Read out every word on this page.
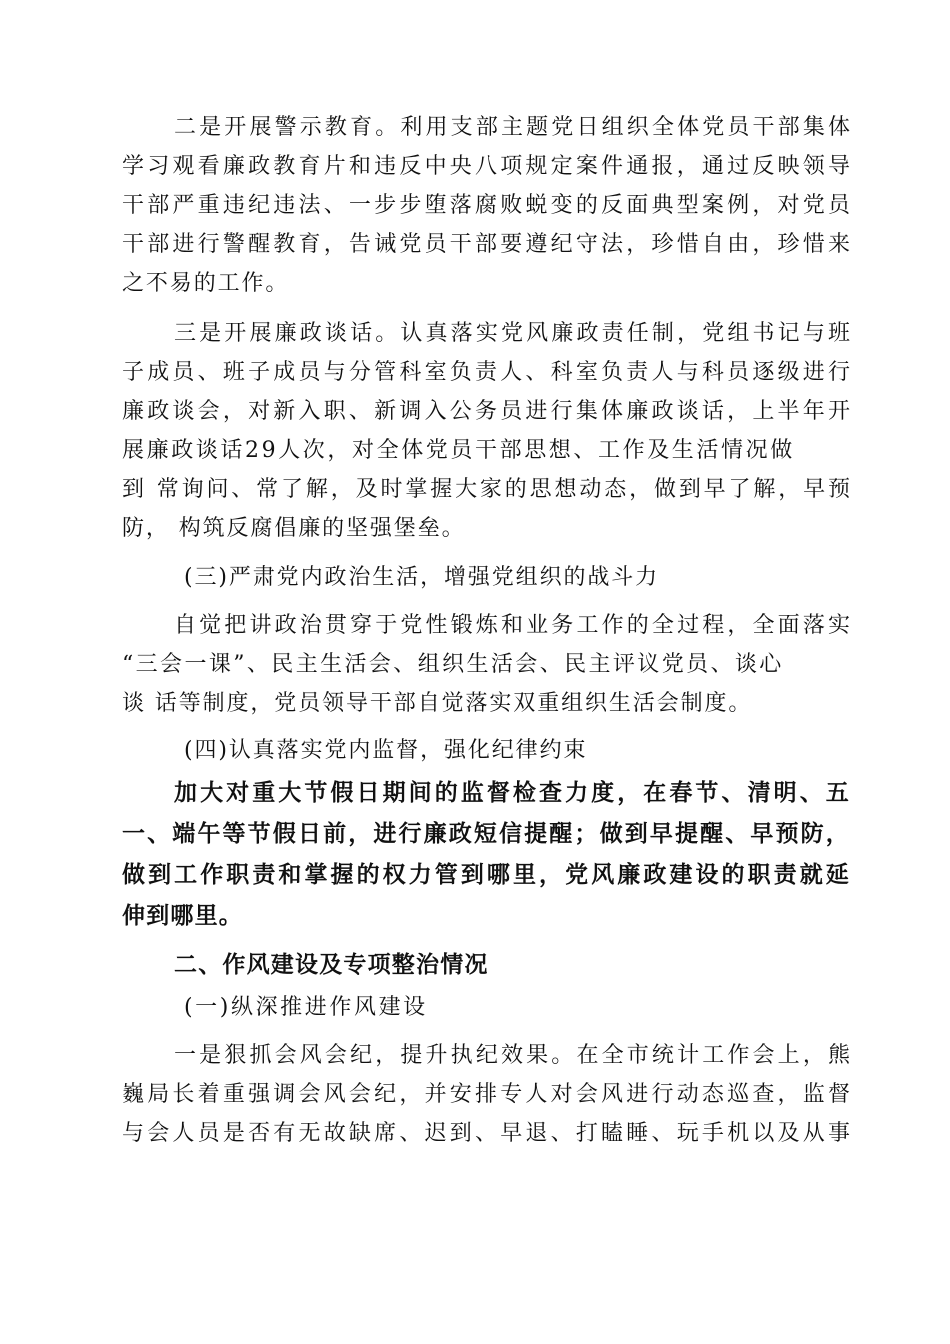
二是开展警示教育。利用支部主题党日组织全体党员干部集体
学习观看廉政教育片和违反中央八项规定案件通报，通过反映领导
干部严重违纪违法、一步步堕落腐败蜕变的反面典型案例，对党员
干部进行警醒教育，告诫党员干部要遵纪守法，珍惜自由，珍惜来
之不易的工作。
三是开展廉政谈话。认真落实党风廉政责任制，党组书记与班
子成员、班子成员与分管科室负责人、科室负责人与科员逐级进行
廉政谈会，对新入职、新调入公务员进行集体廉政谈话，上半年开
展廉政谈话29人次，对全体党员干部思想、工作及生活情况做
到 常询问、常了解，及时掌握大家的思想动态，做到早了解，早预
防， 构筑反腐倡廉的坚强堡垒。
(三)严肃党内政治生活，增强党组织的战斗力
自觉把讲政治贯穿于党性锻炼和业务工作的全过程，全面落实
“三会一课”、民主生活会、组织生活会、民主评议党员、谈心
谈 话等制度，党员领导干部自觉落实双重组织生活会制度。
(四)认真落实党内监督，强化纪律约束
加大对重大节假日期间的监督检查力度，在春节、清明、五
一、端午等节假日前，进行廉政短信提醒；做到早提醒、早预防，
做到工作职责和掌握的权力管到哪里，党风廉政建设的职责就延
伸到哪里。
二、作风建设及专项整治情况
(一)纵深推进作风建设
一是狠抓会风会纪，提升执纪效果。在全市统计工作会上，熊
巍局长着重强调会风会纪，并安排专人对会风进行动态巡查，监督
与会人员是否有无故缺席、迟到、早退、打瞌睡、玩手机以及从事
